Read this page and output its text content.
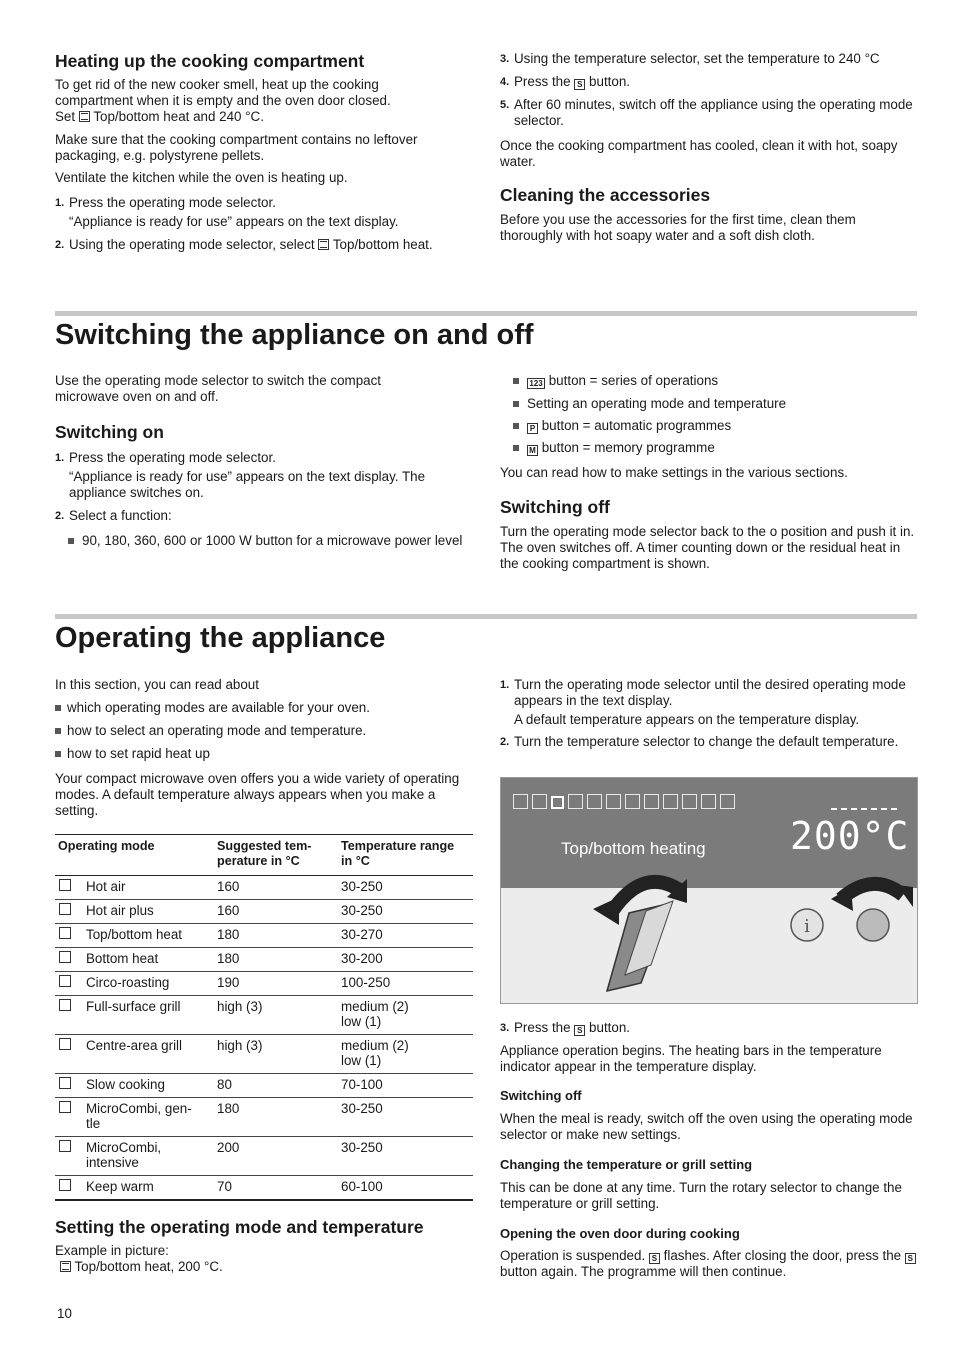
Heating up the cooking compartment

To get rid of the new cooker smell, heat up the cooking
compartment when it is empty and the oven door closed.
Set Top/bottom heat and 240 °C.

Make sure that the cooking compartment contains no leftover packaging, e.g. polystyrene pellets.

Ventilate the kitchen while the oven is heating up.

1. Press the operating mode selector.
“Appliance is ready for use” appears on the text display.
2. Using the operating mode selector, select Top/bottom heat.
3. Using the temperature selector, set the temperature to 240 °C
4. Press the S button.
5. After 60 minutes, switch off the appliance using the operating mode selector.

Once the cooking compartment has cooled, clean it with hot, soapy water.

Cleaning the accessories

Before you use the accessories for the first time, clean them thoroughly with hot soapy water and a soft dish cloth.

Switching the appliance on and off

Use the operating mode selector to switch the compact microwave oven on and off.

Switching on
1. Press the operating mode selector.
“Appliance is ready for use” appears on the text display. The appliance switches on.
2. Select a function:
90, 180, 360, 600 or 1000 W button for a microwave power level
123 button = series of operations
Setting an operating mode and temperature
P button = automatic programmes
M button = memory programme

You can read how to make settings in the various sections.

Switching off

Turn the operating mode selector back to the o position and push it in. The oven switches off. A timer counting down or the residual heat in the cooking compartment is shown.

Operating the appliance

In this section, you can read about

which operating modes are available for your oven.
how to select an operating mode and temperature.
how to set rapid heat up

Your compact microwave oven offers you a wide variety of operating modes. A default temperature always appears when you make a setting.

Operating mode	Suggested tem-
perature in °C	Temperature range
in °C

Hot air	160	30-250

Hot air plus	160	30-250

Top/bottom heat	180	30-270

Bottom heat	180	30-200

Circo-roasting	190	100-250

Full-surface grill	high (3)	medium (2)
low (1)

Centre-area grill	high (3)	medium (2)
low (1)

Slow cooking	80	70-100

MicroCombi, gen-
tle	180	30-250

MicroCombi,
intensive	200	30-250

Keep warm	70	60-100
Setting the operating mode and temperature

Example in picture:

Top/bottom heat, 200 °C.

1. Turn the operating mode selector until the desired operating mode appears in the text display.
A default temperature appears on the temperature display.
2. Turn the temperature selector to change the default temperature.
200°C
Top/bottom heating
i
3. Press the S button.

Appliance operation begins. The heating bars in the temperature indicator appear in the temperature display.

Switching off

When the meal is ready, switch off the oven using the operating mode selector or make new settings.

Changing the temperature or grill setting

This can be done at any time. Turn the rotary selector to change the temperature or grill setting.

Opening the oven door during cooking

Operation is suspended. S flashes. After closing the door, press the S button again. The programme will then continue.

10
